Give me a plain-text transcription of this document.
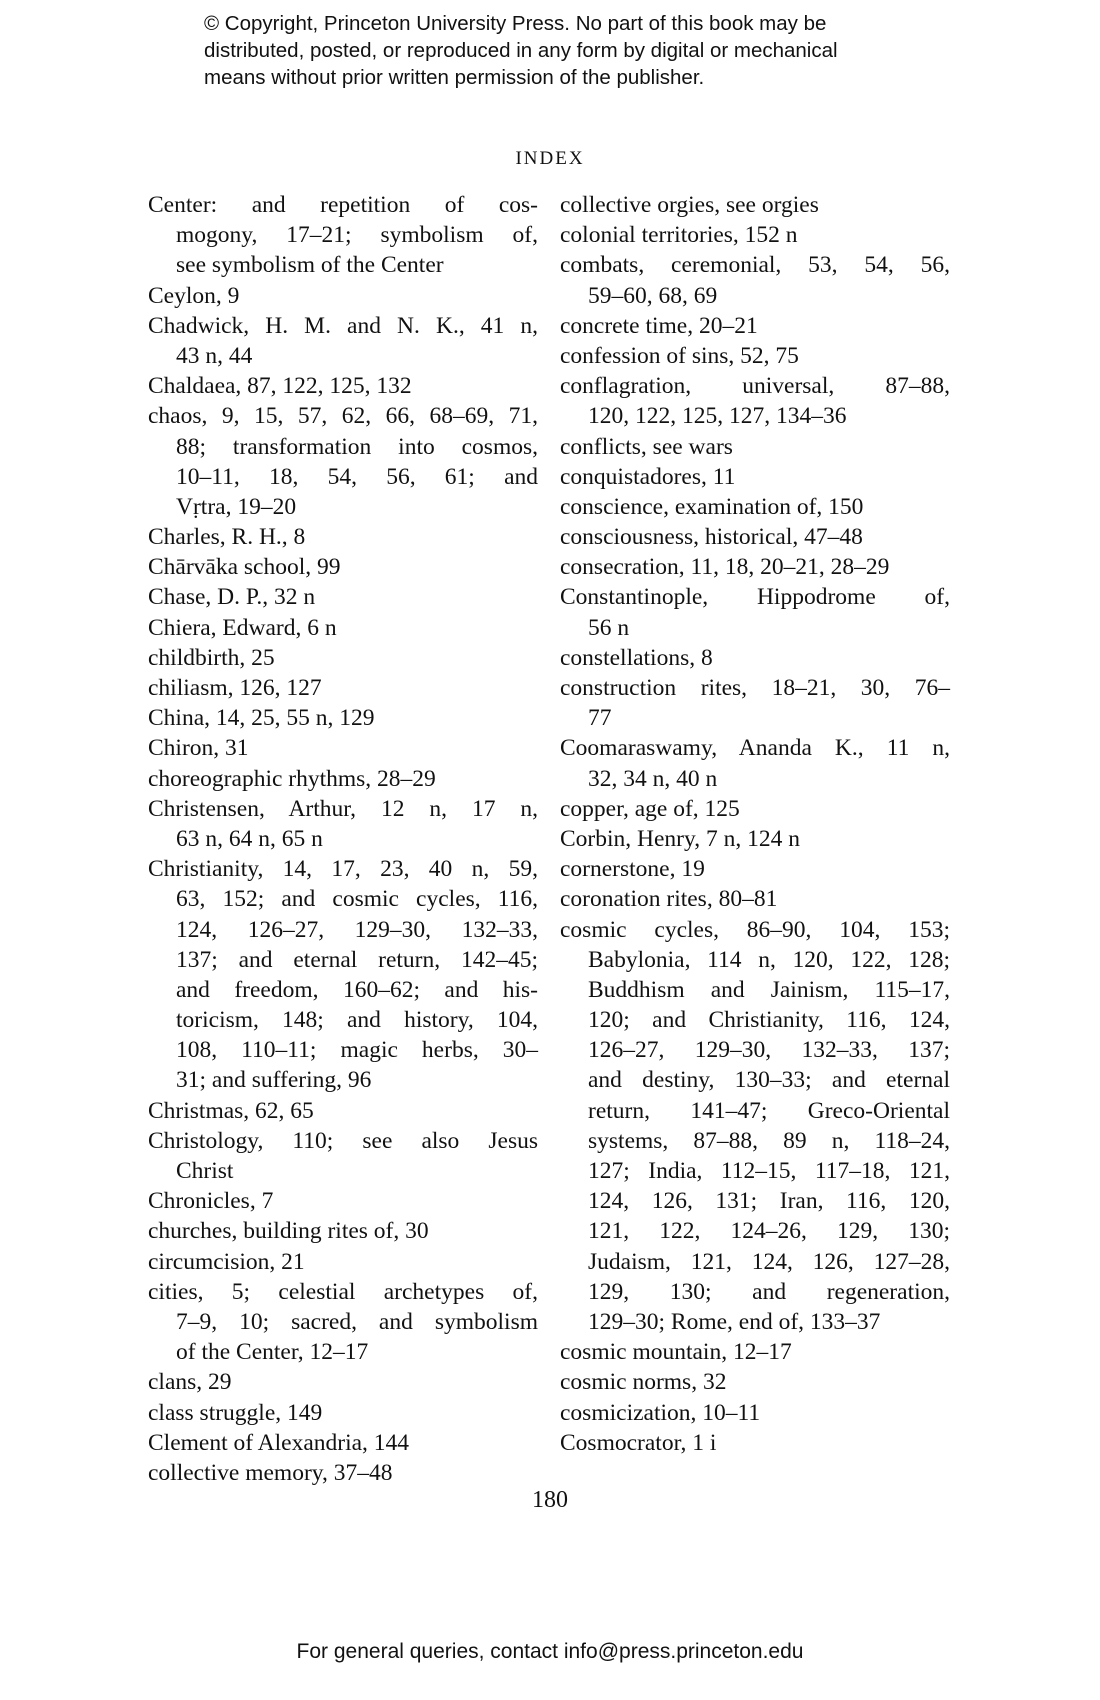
© Copyright, Princeton University Press. No part of this book may be
distributed, posted, or reproduced in any form by digital or mechanical
means without prior written permission of the publisher.
INDEX
Center: and repetition of cos-
mogony, 17–21; symbolism of,
see symbolism of the Center
Ceylon, 9
Chadwick, H. M. and N. K., 41 n,
43 n, 44
Chaldaea, 87, 122, 125, 132
chaos, 9, 15, 57, 62, 66, 68–69, 71,
88; transformation into cosmos,
10–11, 18, 54, 56, 61; and
Vṛtra, 19–20
Charles, R. H., 8
Chārvāka school, 99
Chase, D. P., 32 n
Chiera, Edward, 6 n
childbirth, 25
chiliasm, 126, 127
China, 14, 25, 55 n, 129
Chiron, 31
choreographic rhythms, 28–29
Christensen, Arthur, 12 n, 17 n,
63 n, 64 n, 65 n
Christianity, 14, 17, 23, 40 n, 59,
63, 152; and cosmic cycles, 116,
124, 126–27, 129–30, 132–33,
137; and eternal return, 142–45;
and freedom, 160–62; and his-
toricism, 148; and history, 104,
108, 110–11; magic herbs, 30–
31; and suffering, 96
Christmas, 62, 65
Christology, 110; see also Jesus
Christ
Chronicles, 7
churches, building rites of, 30
circumcision, 21
cities, 5; celestial archetypes of,
7–9, 10; sacred, and symbolism
of the Center, 12–17
clans, 29
class struggle, 149
Clement of Alexandria, 144
collective memory, 37–48
collective orgies, see orgies
colonial territories, 152 n
combats, ceremonial, 53, 54, 56,
59–60, 68, 69
concrete time, 20–21
confession of sins, 52, 75
conflagration, universal, 87–88,
120, 122, 125, 127, 134–36
conflicts, see wars
conquistadores, 11
conscience, examination of, 150
consciousness, historical, 47–48
consecration, 11, 18, 20–21, 28–29
Constantinople, Hippodrome of,
56 n
constellations, 8
construction rites, 18–21, 30, 76–
77
Coomaraswamy, Ananda K., 11 n,
32, 34 n, 40 n
copper, age of, 125
Corbin, Henry, 7 n, 124 n
cornerstone, 19
coronation rites, 80–81
cosmic cycles, 86–90, 104, 153;
Babylonia, 114 n, 120, 122, 128;
Buddhism and Jainism, 115–17,
120; and Christianity, 116, 124,
126–27, 129–30, 132–33, 137;
and destiny, 130–33; and eternal
return, 141–47; Greco-Oriental
systems, 87–88, 89 n, 118–24,
127; India, 112–15, 117–18, 121,
124, 126, 131; Iran, 116, 120,
121, 122, 124–26, 129, 130;
Judaism, 121, 124, 126, 127–28,
129, 130; and regeneration,
129–30; Rome, end of, 133–37
cosmic mountain, 12–17
cosmic norms, 32
cosmicization, 10–11
Cosmocrator, 1 i
180
For general queries, contact info@press.princeton.edu
